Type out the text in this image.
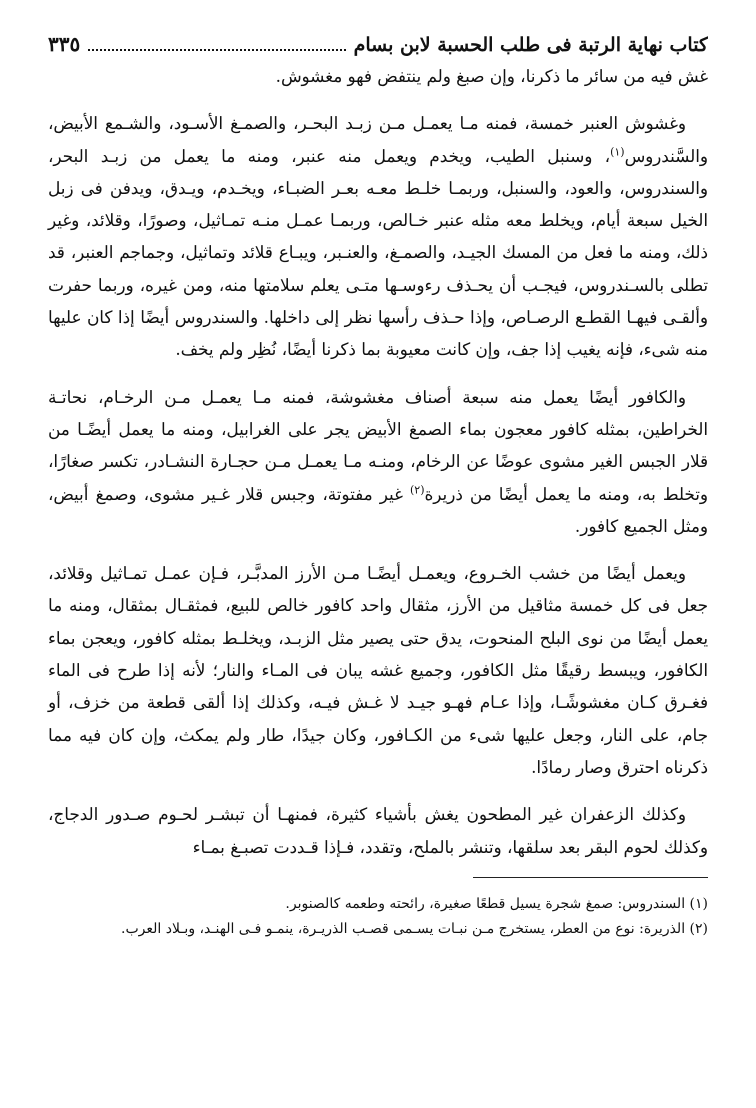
كتاب نهاية الرتبة فى طلب الحسبة لابن بسام
٣٣٥

غش فيه من سائر ما ذكرنا، وإن صبغ ولم ينتفض فهو مغشوش.

وغشوش العنبر خمسة، فمنه مـا يعمـل مـن زبـد البحـر، والصمـغ الأسـود، والشـمع الأبيض، والسَّندروس$^{(١)}$، وسنبل الطيب، ويخدم ويعمل منه عنبر، ومنه ما يعمل من زبـد البحر، والسندروس، والعود، والسنبل، وربمـا خلـط معـه بعـر الضبـاء، ويخـدم، ويـدق، ويدفن فى زبل الخيل سبعة أيام، ويخلط معه مثله عنبر خـالص، وربمـا عمـل منـه تمـاثيل، وصورًا، وقلائد، وغير ذلك، ومنه ما فعل من المسك الجيـد، والصمـغ، والعنـبر، ويبـاع قلائد وتماثيل، وجماجم العنبر، قد تطلى بالسـندروس، فيجـب أن يحـذف رءوسـها متـى يعلم سلامتها منه، ومن غيره، وربما حفرت وألقـى فيهـا القطـع الرصـاص، وإذا حـذف رأسها نظر إلى داخلها. والسندروس أيضًا إذا كان عليها منه شىء، فإنه يغيب إذا جف، وإن كانت معيوبة بما ذكرنا أيضًا، نُظِر ولم يخف.

والكافور أيضًا يعمل منه سبعة أصناف مغشوشة، فمنه مـا يعمـل مـن الرخـام، نحاتـة الخراطين، بمثله كافور معجون بماء الصمغ الأبيض يجر على الغرابيل، ومنه ما يعمل أيضًـا من قلار الجبس الغير مشوى عوضًا عن الرخام، ومنـه مـا يعمـل مـن حجـارة النشـادر، تكسر صغارًا، وتخلط به، ومنه ما يعمل أيضًا من ذريرة$^{(٢)}$ غير مفتوتة، وجبس قلار غـير مشوى، وصمغ أبيض، ومثل الجميع كافور.

ويعمل أيضًا من خشب الخـروع، ويعمـل أيضًـا مـن الأرز المدبَّـر، فـإن عمـل تمـاثيل وقلائد، جعل فى كل خمسة مثاقيل من الأرز، مثقال واحد كافور خالص للبيع، فمثقـال بمثقال، ومنه ما يعمل أيضًا من نوى البلح المنحوت، يدق حتى يصير مثل الزبـد، ويخلـط بمثله كافور، ويعجن بماء الكافور، ويبسط رقيقًا مثل الكافور، وجميع غشه يبان فى المـاء والنار؛ لأنه إذا طرح فى الماء فغـرق كـان مغشوشًـا، وإذا عـام فهـو جيـد لا غـش فيـه، وكذلك إذا ألقى قطعة من خزف، أو جام، على النار، وجعل عليها شىء من الكـافور، وكان جيدًا، طار ولم يمكث، وإن كان فيه مما ذكرناه احترق وصار رمادًا.

وكذلك الزعفران غير المطحون يغش بأشياء كثيرة، فمنهـا أن تبشـر لحـوم صـدور الدجاج، وكذلك لحوم البقر بعد سلقها، وتنشر بالملح، وتقدد، فـإذا قـددت تصبـغ بمـاء

(١) السندروس: صمغ شجرة يسيل قطعًا صغيرة، رائحته وطعمه كالصنوبر.

(٢) الذريرة: نوع من العطر، يستخرج مـن نبـات يسـمى قصـب الذريـرة، ينمـو فـى الهنـد، وبـلاد العرب.
